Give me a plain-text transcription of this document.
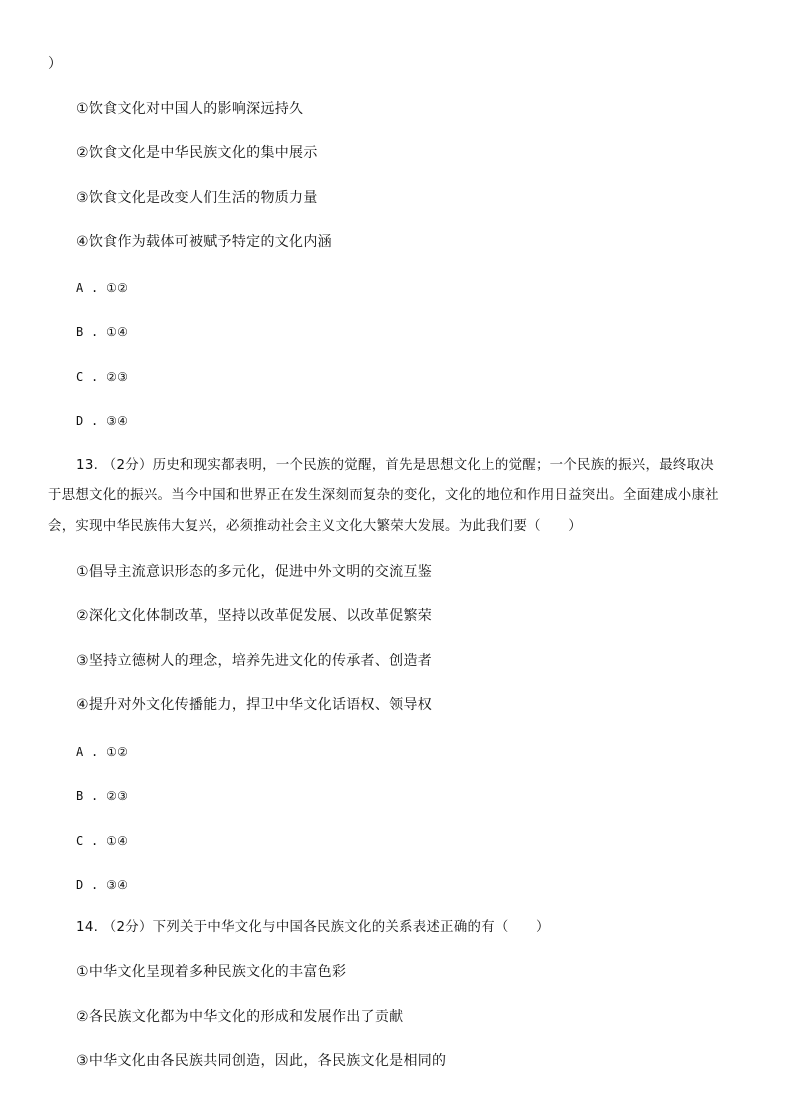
）
①饮食文化对中国人的影响深远持久
②饮食文化是中华民族文化的集中展示
③饮食文化是改变人们生活的物质力量
④饮食作为载体可被赋予特定的文化内涵
A . ①②
B . ①④
C . ②③
D . ③④
13. （2分）历史和现实都表明，一个民族的觉醒，首先是思想文化上的觉醒；一个民族的振兴，最终取决
于思想文化的振兴。当今中国和世界正在发生深刻而复杂的变化，文化的地位和作用日益突出。全面建成小康社
会，实现中华民族伟大复兴，必须推动社会主义文化大繁荣大发展。为此我们要（　　）
①倡导主流意识形态的多元化，促进中外文明的交流互鉴
②深化文化体制改革，坚持以改革促发展、以改革促繁荣
③坚持立德树人的理念，培养先进文化的传承者、创造者
④提升对外文化传播能力，捍卫中华文化话语权、领导权
A . ①②
B . ②③
C . ①④
D . ③④
14. （2分）下列关于中华文化与中国各民族文化的关系表述正确的有（　　）
①中华文化呈现着多种民族文化的丰富色彩
②各民族文化都为中华文化的形成和发展作出了贡献
③中华文化由各民族共同创造，因此，各民族文化是相同的
